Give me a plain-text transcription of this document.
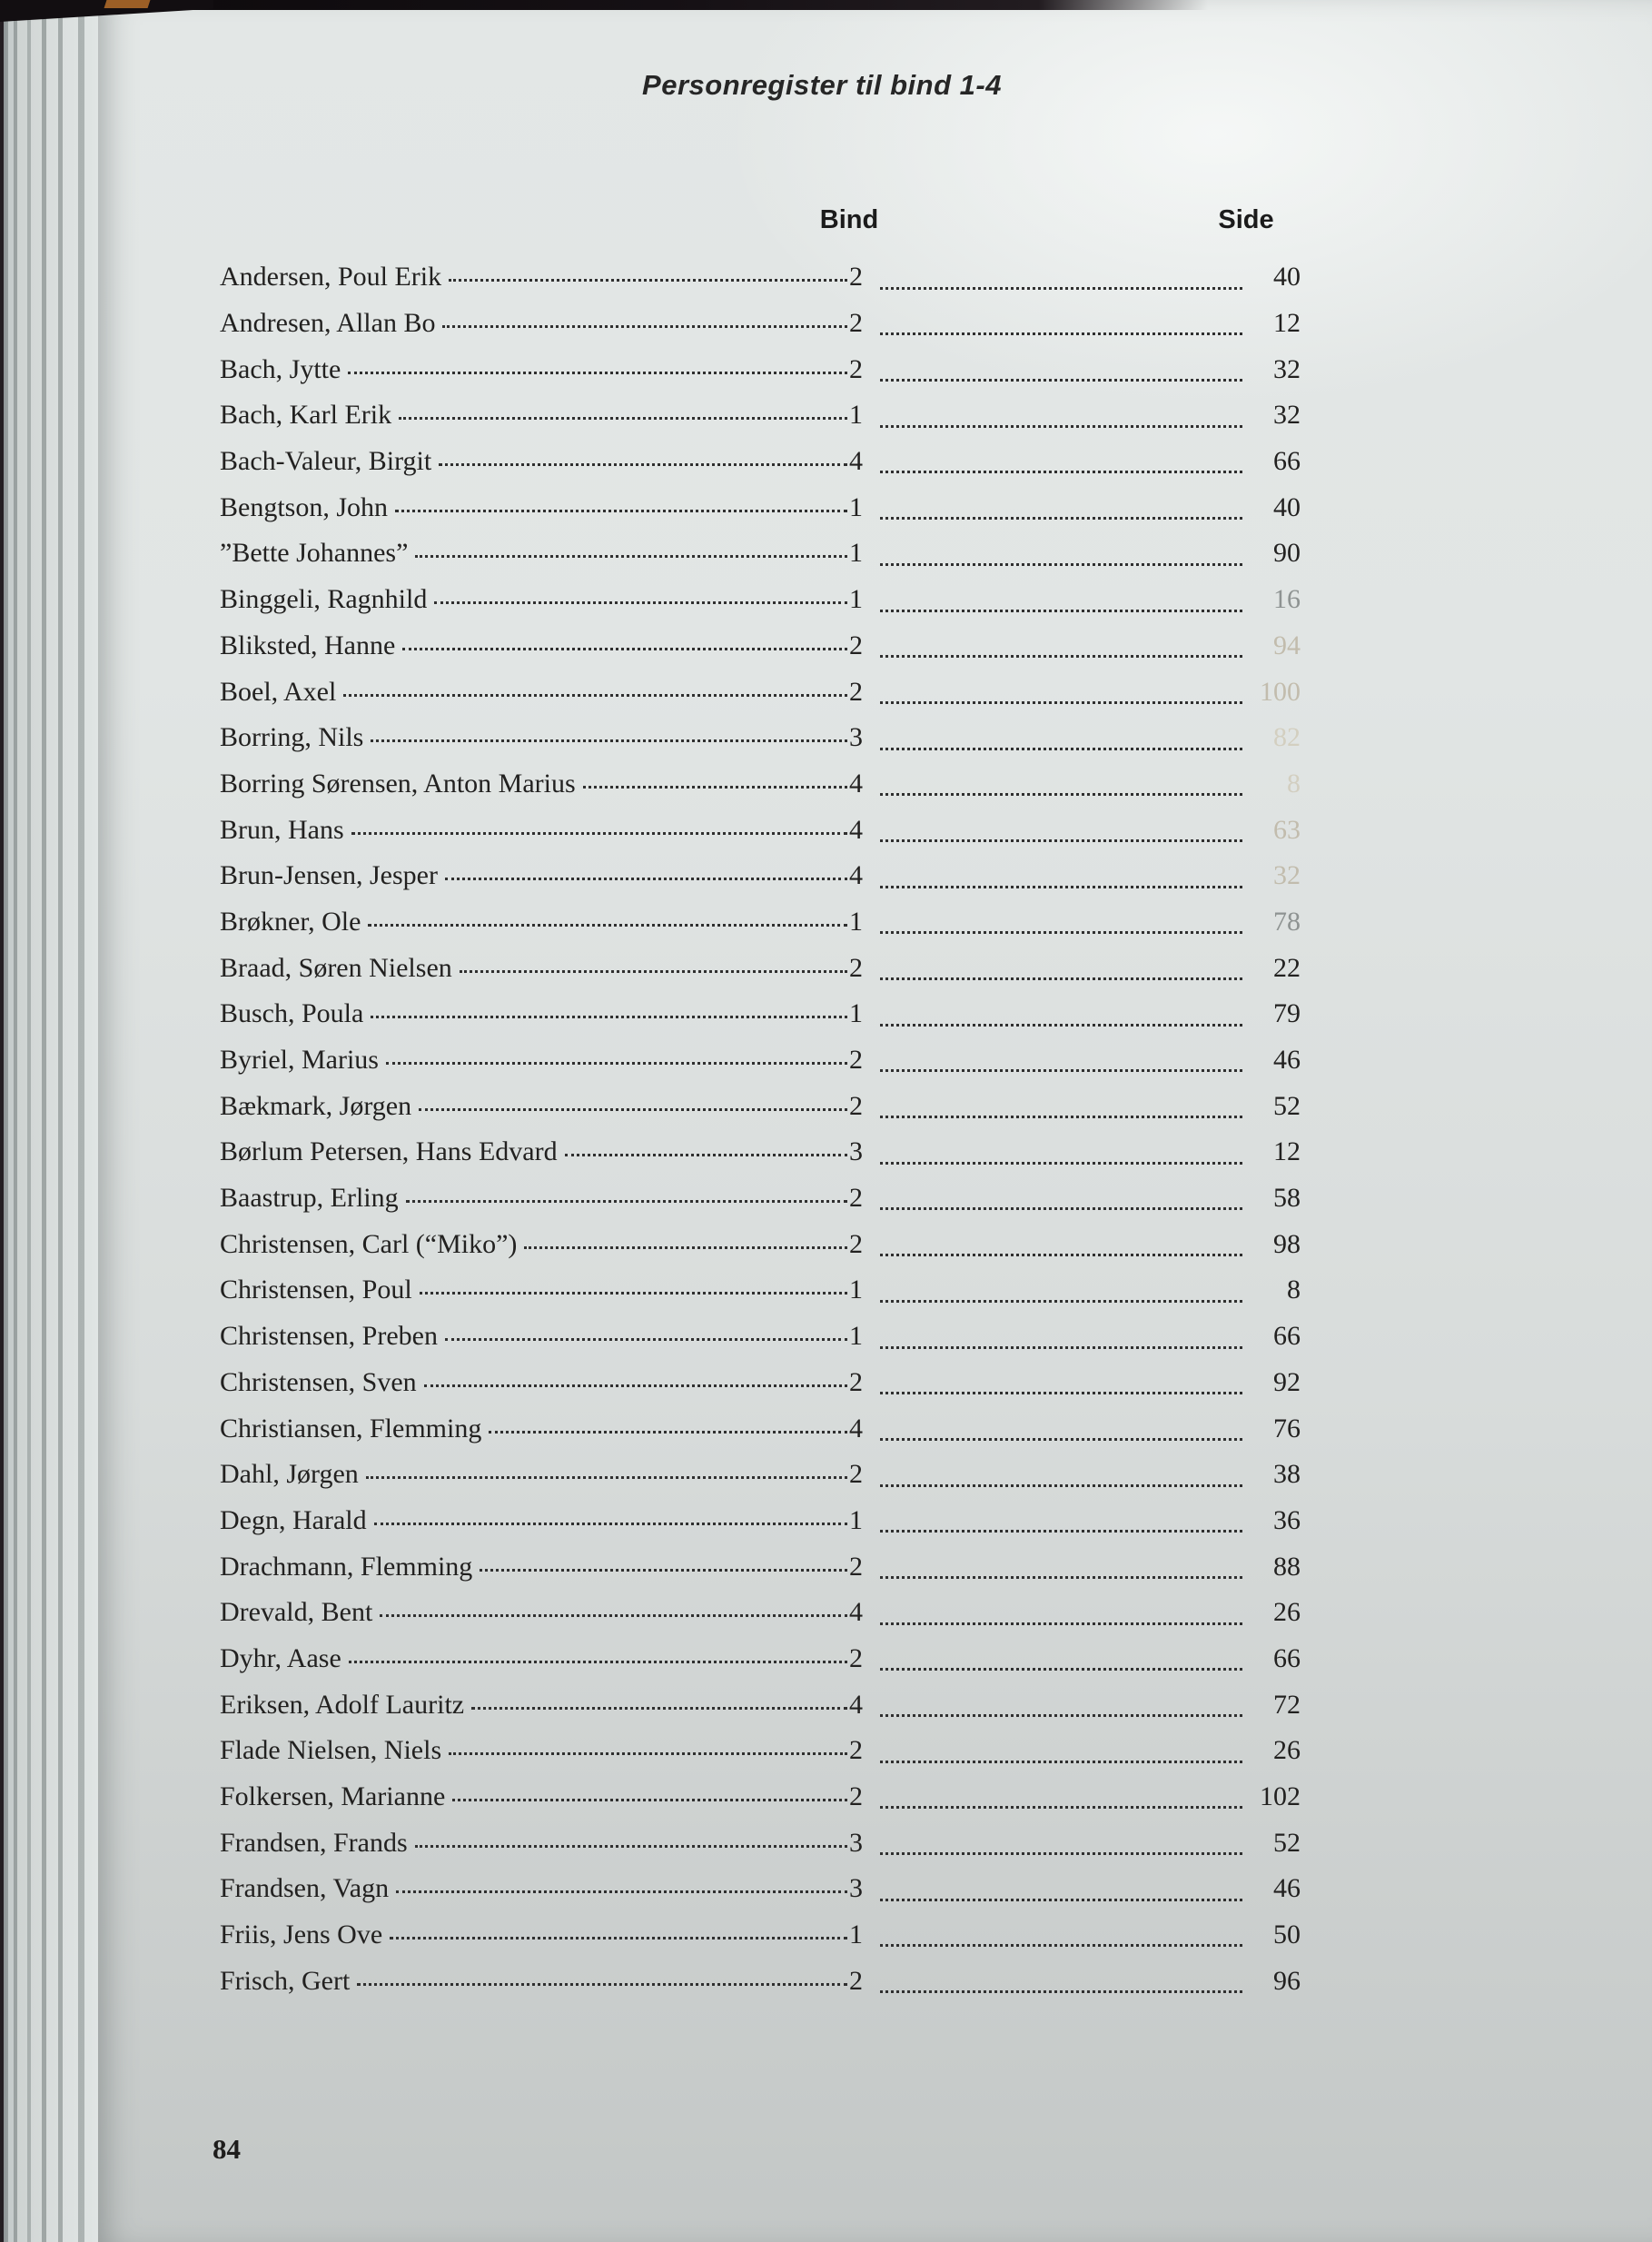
Personregister til bind 1-4
Bind	Side
Andersen, Poul Erik	2	40
Andresen, Allan Bo	2	12
Bach, Jytte	2	32
Bach, Karl Erik	1	32
Bach-Valeur, Birgit	4	66
Bengtson, John	1	40
”Bette Johannes”	1	90
Binggeli, Ragnhild	1	16
Bliksted, Hanne	2	94
Boel, Axel	2	100
Borring, Nils	3	82
Borring Sørensen, Anton Marius	4	8
Brun, Hans	4	63
Brun-Jensen, Jesper	4	32
Brøkner, Ole	1	78
Braad, Søren Nielsen	2	22
Busch, Poula	1	79
Byriel, Marius	2	46
Bækmark, Jørgen	2	52
Børlum Petersen, Hans Edvard	3	12
Baastrup, Erling	2	58
Christensen, Carl (“Miko”)	2	98
Christensen, Poul	1	8
Christensen, Preben	1	66
Christensen, Sven	2	92
Christiansen, Flemming	4	76
Dahl, Jørgen	2	38
Degn, Harald	1	36
Drachmann, Flemming	2	88
Drevald, Bent	4	26
Dyhr, Aase	2	66
Eriksen, Adolf Lauritz	4	72
Flade Nielsen, Niels	2	26
Folkersen, Marianne	2	102
Frandsen, Frands	3	52
Frandsen, Vagn	3	46
Friis, Jens Ove	1	50
Frisch, Gert	2	96
84
